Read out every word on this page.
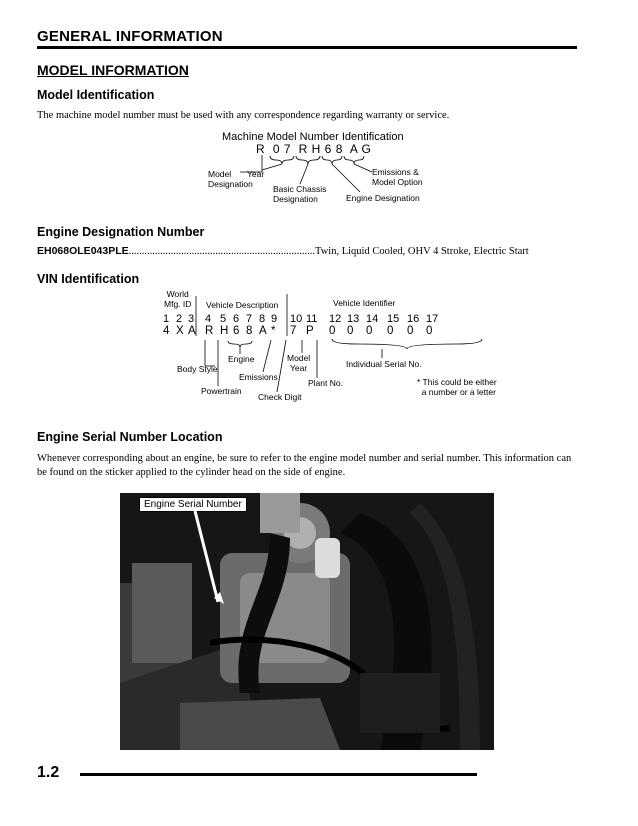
GENERAL INFORMATION
MODEL INFORMATION
Model Identification
The machine model number must be used with any correspondence regarding warranty or service.
Machine Model Number Identification
R  0 7  R H 6 8  A G
Model
Designation
Year
Basic Chassis
Designation	Engine Designation
Emissions &
Model Option
Engine Designation Number
EH068OLE043PLE.......................................................................Twin, Liquid Cooled, OHV 4 Stroke, Electric Start
VIN Identification
World
Mfg. ID Vehicle Description	Vehicle Identifier
1 2 3 4 5 6 7 8 9 10 11 12 13 14 15 16 17
4 X A R H 6 8 A * 7 P 0 0 0 0 0 0
Body Style
Engine
Powertrain
Emissions
Model
Year
Check Digit
Plant No.
Individual Serial No.
* This could be either
a number or a letter
Engine Serial Number Location
Whenever corresponding about an engine, be sure to refer to the engine model number and serial number. This information can be found on the sticker applied to the cylinder head on the side of engine.
Engine Serial Number
1.2
